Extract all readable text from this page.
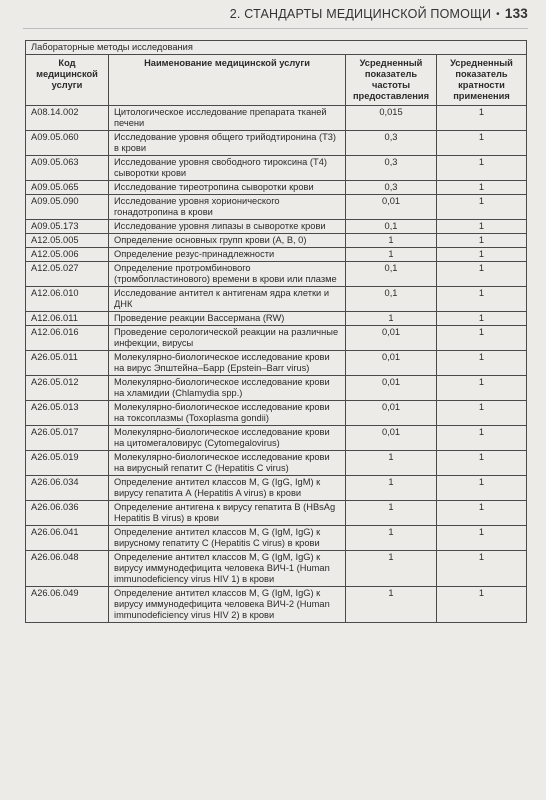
2. СТАНДАРТЫ МЕДИЦИНСКОЙ ПОМОЩИ • 133
Лабораторные методы исследования			
Код медицинской услуги	Наименование медицинской услуги	Усредненный показатель частоты предоставления	Усредненный показатель кратности применения
A08.14.002	Цитологическое исследование препарата тканей печени	0,015	1
A09.05.060	Исследование уровня общего трийодтиронина (Т3) в крови	0,3	1
A09.05.063	Исследование уровня свободного тироксина (Т4) сыворотки крови	0,3	1
A09.05.065	Исследование тиреотропина сыворотки крови	0,3	1
A09.05.090	Исследование уровня хорионического гонадотропина в крови	0,01	1
A09.05.173	Исследование уровня липазы в сыворотке крови	0,1	1
A12.05.005	Определение основных групп крови (А, В, 0)	1	1
A12.05.006	Определение резус-принадлежности	1	1
A12.05.027	Определение протромбинового (тромбопластинового) времени в крови или плазме	0,1	1
A12.06.010	Исследование антител к антигенам ядра клетки и ДНК	0,1	1
A12.06.011	Проведение реакции Вассермана (RW)	1	1
A12.06.016	Проведение серологической реакции на различные инфекции, вирусы	0,01	1
A26.05.011	Молекулярно-биологическое исследование крови на вирус Эпштейна–Барр (Epstein–Barr virus)	0,01	1
A26.05.012	Молекулярно-биологическое исследование крови на хламидии (Chlamydia spp.)	0,01	1
A26.05.013	Молекулярно-биологическое исследование крови на токсоплазмы (Toxoplasma gondii)	0,01	1
A26.05.017	Молекулярно-биологическое исследование крови на цитомегаловирус (Cytomegalovirus)	0,01	1
A26.05.019	Молекулярно-биологическое исследование крови на вирусный гепатит С (Hepatitis C virus)	1	1
A26.06.034	Определение антител классов М, G (IgG, IgM) к вирусу гепатита А (Hepatitis A virus) в крови	1	1
A26.06.036	Определение антигена к вирусу гепатита В (HBsAg Hepatitis B virus) в крови	1	1
A26.06.041	Определение антител классов М, G (IgM, IgG) к вирусному гепатиту С (Hepatitis C virus) в крови	1	1
A26.06.048	Определение антител классов М, G (IgM, IgG) к вирусу иммунодефицита человека ВИЧ-1 (Human immunodeficiency virus HIV 1) в крови	1	1
A26.06.049	Определение антител классов М, G (IgM, IgG) к вирусу иммунодефицита человека ВИЧ-2 (Human immunodeficiency virus HIV 2) в крови	1	1
